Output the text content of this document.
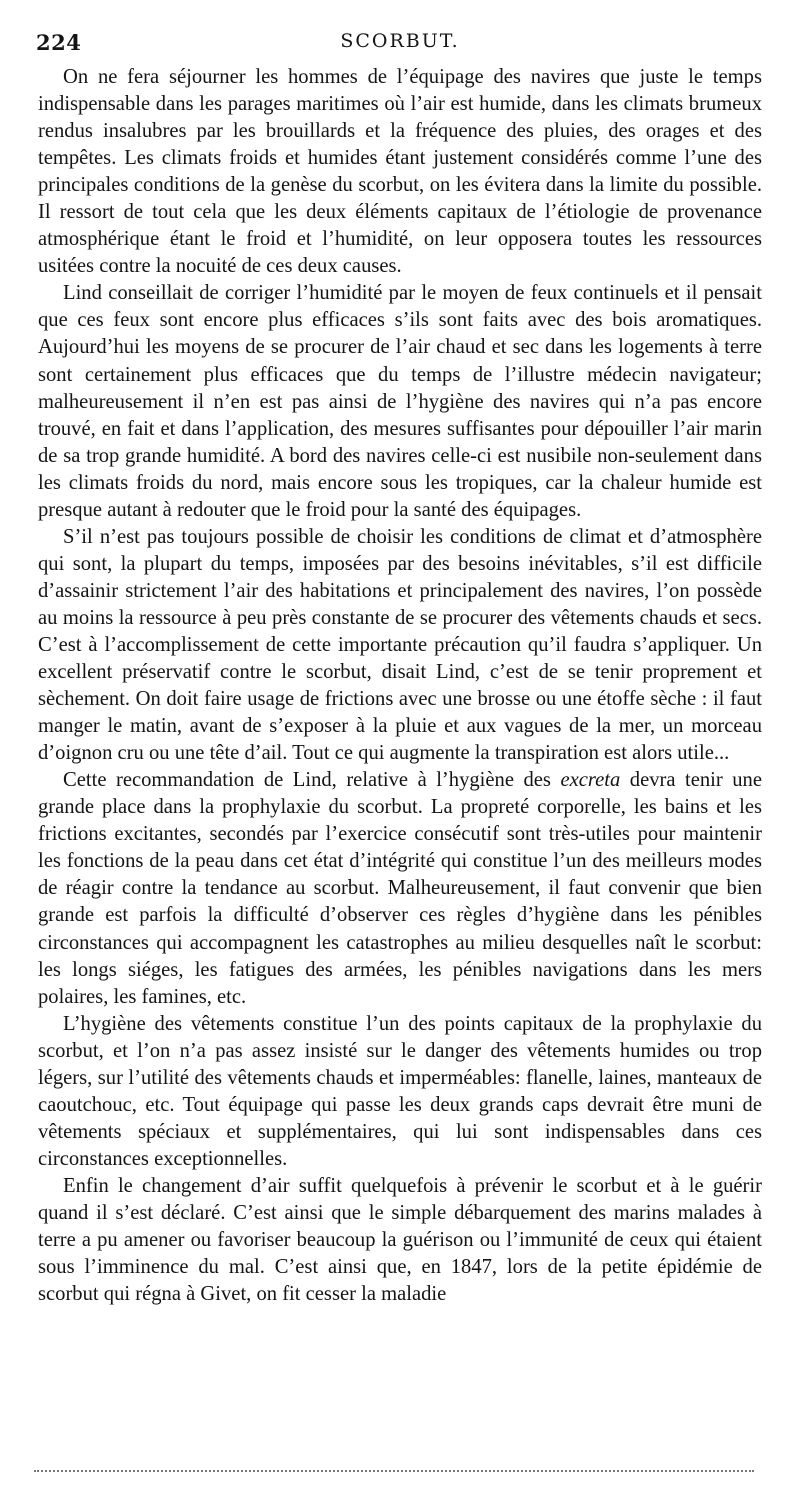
224	SCORBUT.

On ne fera séjourner les hommes de l’équipage des navires que juste le temps indispensable dans les parages maritimes où l’air est humide, dans les climats brumeux rendus insalubres par les brouillards et la fréquence des pluies, des orages et des tempêtes. Les climats froids et humides étant justement considérés comme l’une des principales conditions de la genèse du scorbut, on les évitera dans la limite du possible. Il ressort de tout cela que les deux éléments capitaux de l’étiologie de provenance atmosphérique étant le froid et l’humidité, on leur opposera toutes les ressources usitées contre la nocuité de ces deux causes.

Lind conseillait de corriger l’humidité par le moyen de feux continuels et il pensait que ces feux sont encore plus efficaces s’ils sont faits avec des bois aromatiques. Aujourd’hui les moyens de se procurer de l’air chaud et sec dans les logements à terre sont certainement plus efficaces que du temps de l’illustre médecin navigateur; malheureusement il n’en est pas ainsi de l’hygiène des navires qui n’a pas encore trouvé, en fait et dans l’application, des mesures suffisantes pour dépouiller l’air marin de sa trop grande humidité. A bord des navires celle-ci est nusibile non-seulement dans les climats froids du nord, mais encore sous les tropiques, car la chaleur humide est presque autant à redouter que le froid pour la santé des équipages.

S’il n’est pas toujours possible de choisir les conditions de climat et d’atmosphère qui sont, la plupart du temps, imposées par des besoins inévitables, s’il est difficile d’assainir strictement l’air des habitations et principalement des navires, l’on possède au moins la ressource à peu près constante de se procurer des vêtements chauds et secs. C’est à l’accomplissement de cette importante précaution qu’il faudra s’appliquer. Un excellent préservatif contre le scorbut, disait Lind, c’est de se tenir proprement et sèchement. On doit faire usage de frictions avec une brosse ou une étoffe sèche : il faut manger le matin, avant de s’exposer à la pluie et aux vagues de la mer, un morceau d’oignon cru ou une tête d’ail. Tout ce qui augmente la transpiration est alors utile...

Cette recommandation de Lind, relative à l’hygiène des excreta devra tenir une grande place dans la prophylaxie du scorbut. La propreté corporelle, les bains et les frictions excitantes, secondés par l’exercice consécutif sont très-utiles pour maintenir les fonctions de la peau dans cet état d’intégrité qui constitue l’un des meilleurs modes de réagir contre la tendance au scorbut. Malheureusement, il faut convenir que bien grande est parfois la difficulté d’observer ces règles d’hygiène dans les pénibles circonstances qui accompagnent les catastrophes au milieu desquelles naît le scorbut: les longs siéges, les fatigues des armées, les pénibles navigations dans les mers polaires, les famines, etc.

L’hygiène des vêtements constitue l’un des points capitaux de la prophylaxie du scorbut, et l’on n’a pas assez insisté sur le danger des vêtements humides ou trop légers, sur l’utilité des vêtements chauds et imperméables: flanelle, laines, manteaux de caoutchouc, etc. Tout équipage qui passe les deux grands caps devrait être muni de vêtements spéciaux et supplémentaires, qui lui sont indispensables dans ces circonstances exceptionnelles.

Enfin le changement d’air suffit quelquefois à prévenir le scorbut et à le guérir quand il s’est déclaré. C’est ainsi que le simple débarquement des marins malades à terre a pu amener ou favoriser beaucoup la guérison ou l’immunité de ceux qui étaient sous l’imminence du mal. C’est ainsi que, en 1847, lors de la petite épidémie de scorbut qui régna à Givet, on fit cesser la maladie
